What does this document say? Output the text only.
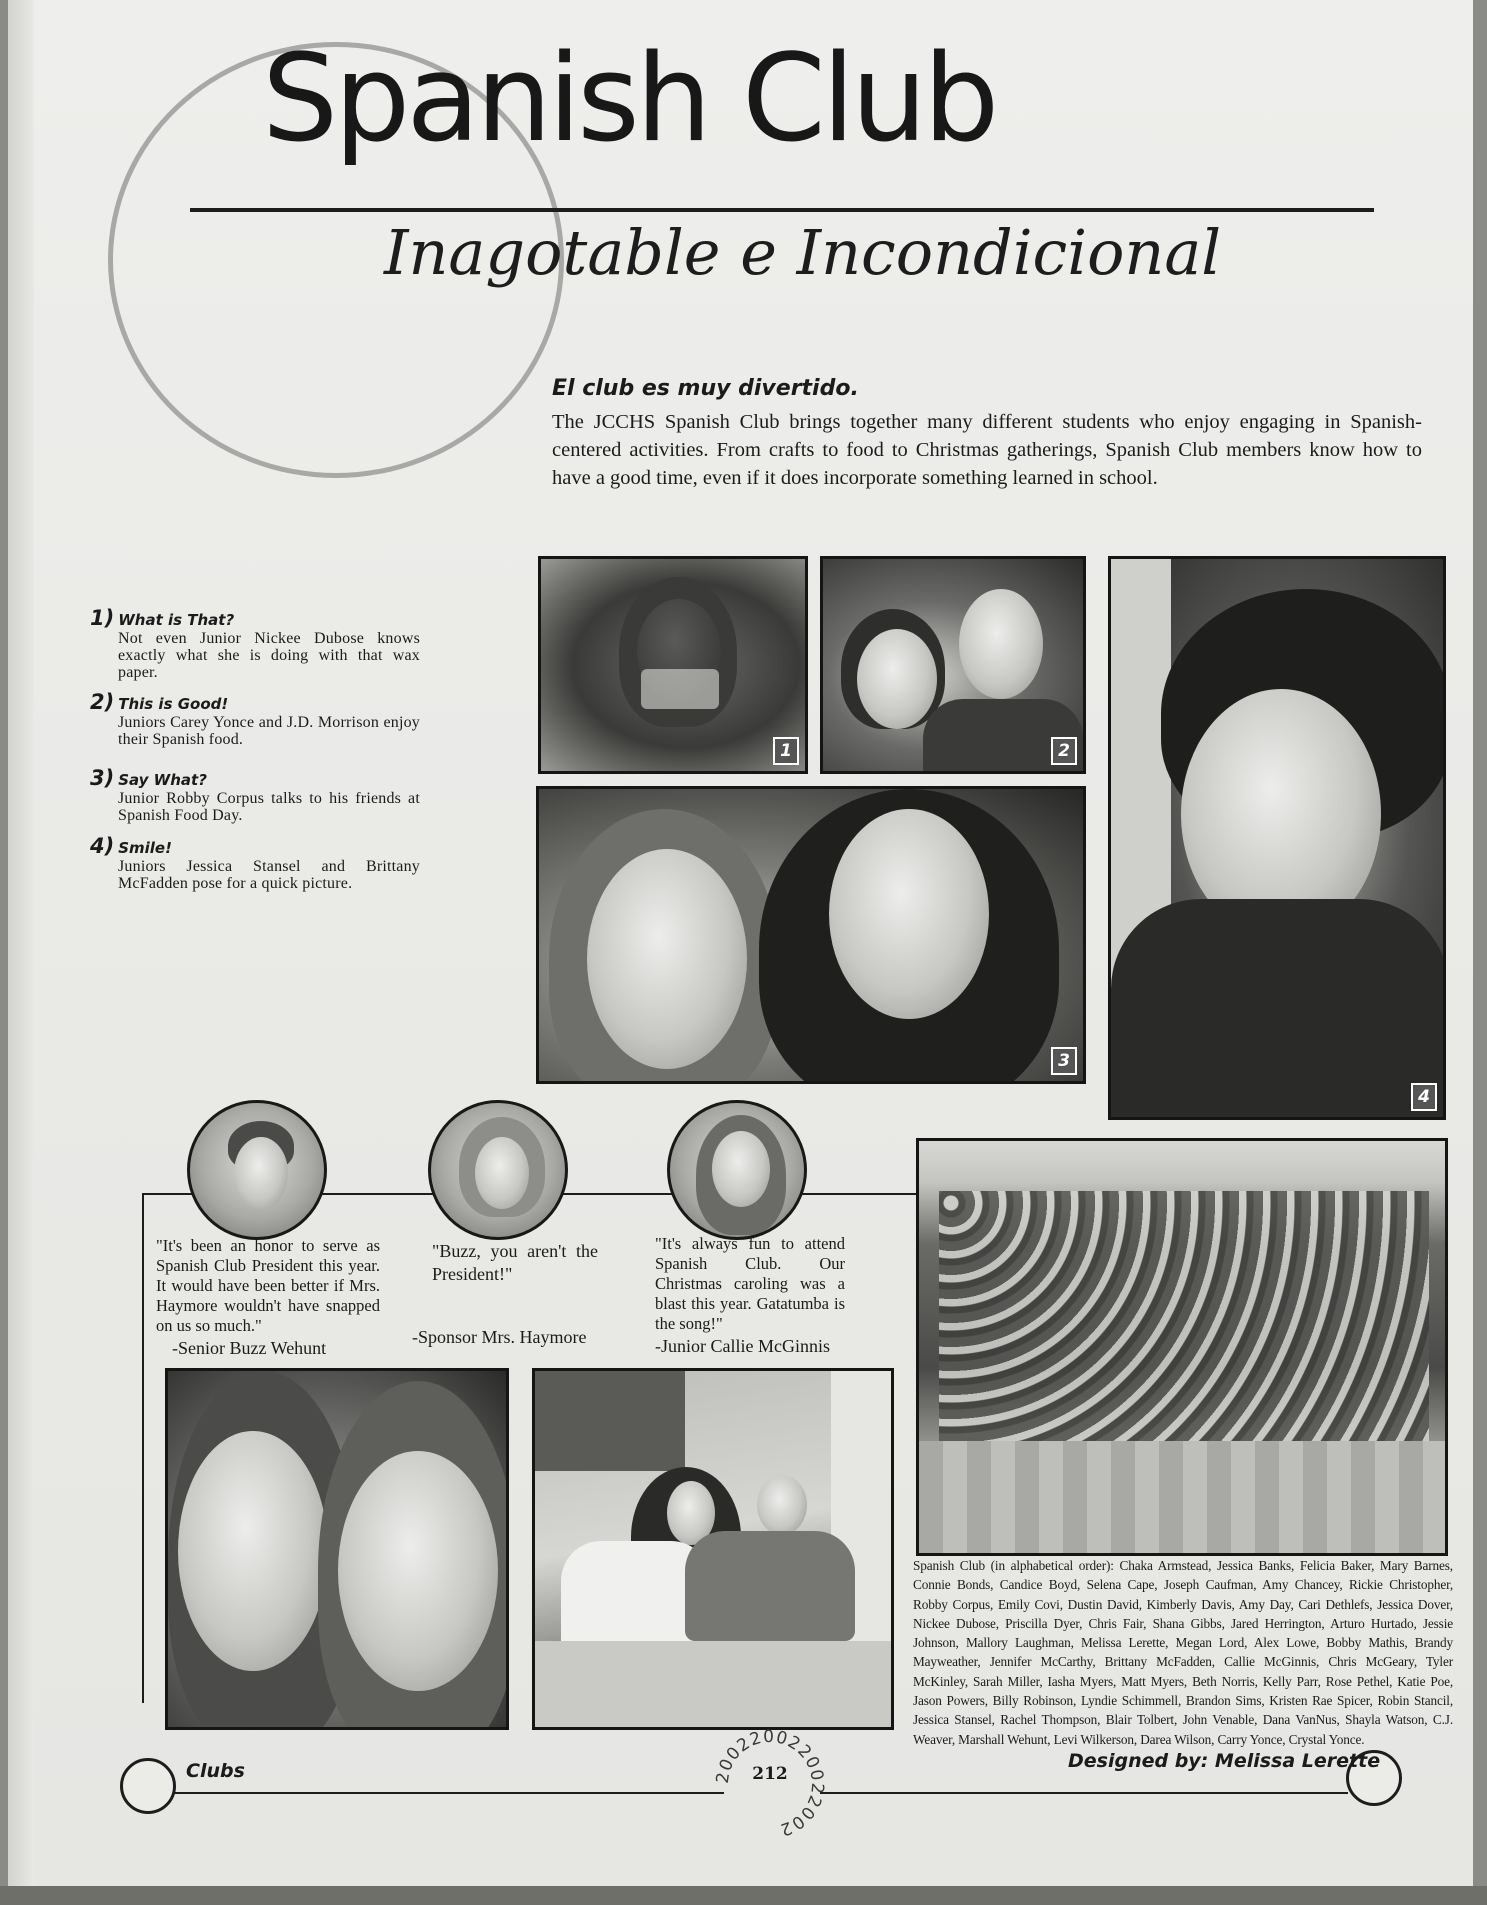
Spanish Club
Inagotable e Incondicional
El club es muy divertido.
The JCCHS Spanish Club brings together many different students who enjoy engaging in Spanish-centered activities. From crafts to food to Christmas gatherings, Spanish Club members know how to have a good time, even if it does incorporate something learned in school.
1) What is That?
Not even Junior Nickee Dubose knows exactly what she is doing with that wax paper.
2) This is Good!
Juniors Carey Yonce and J.D. Morrison enjoy their Spanish food.
3) Say What?
Junior Robby Corpus talks to his friends at Spanish Food Day.
4) Smile!
Juniors Jessica Stansel and Brittany McFadden pose for a quick picture.
1	2
3
4
"It's been an honor to serve as Spanish Club President this year. It would have been better if Mrs. Haymore wouldn't have snapped on us so much."
-Senior Buzz Wehunt
"Buzz, you aren't the President!"
-Sponsor Mrs. Haymore
"It's always fun to attend Spanish Club. Our Christmas caroling was a blast this year. Gatatumba is the song!"
-Junior Callie McGinnis
Spanish Club (in alphabetical order): Chaka Armstead, Jessica Banks, Felicia Baker, Mary Barnes, Connie Bonds, Candice Boyd, Selena Cape, Joseph Caufman, Amy Chancey, Rickie Christopher, Robby Corpus, Emily Covi, Dustin David, Kimberly Davis, Amy Day, Cari Dethlefs, Jessica Dover, Nickee Dubose, Priscilla Dyer, Chris Fair, Shana Gibbs, Jared Herrington, Arturo Hurtado, Jessie Johnson, Mallory Laughman, Melissa Lerette, Megan Lord, Alex Lowe, Bobby Mathis, Brandy Mayweather, Jennifer McCarthy, Brittany McFadden, Callie McGinnis, Chris McGeary, Tyler McKinley, Sarah Miller, Iasha Myers, Matt Myers, Beth Norris, Kelly Parr, Rose Pethel, Katie Poe, Jason Powers, Billy Robinson, Lyndie Schimmell, Brandon Sims, Kristen Rae Spicer, Robin Stancil, Jessica Stansel, Rachel Thompson, Blair Tolbert, John Venable, Dana VanNus, Shayla Watson, C.J. Weaver, Marshall Wehunt, Levi Wilkerson, Darea Wilson, Carry Yonce, Crystal Yonce.
Clubs	Designed by: Melissa Lerette
2002200220022002
212
